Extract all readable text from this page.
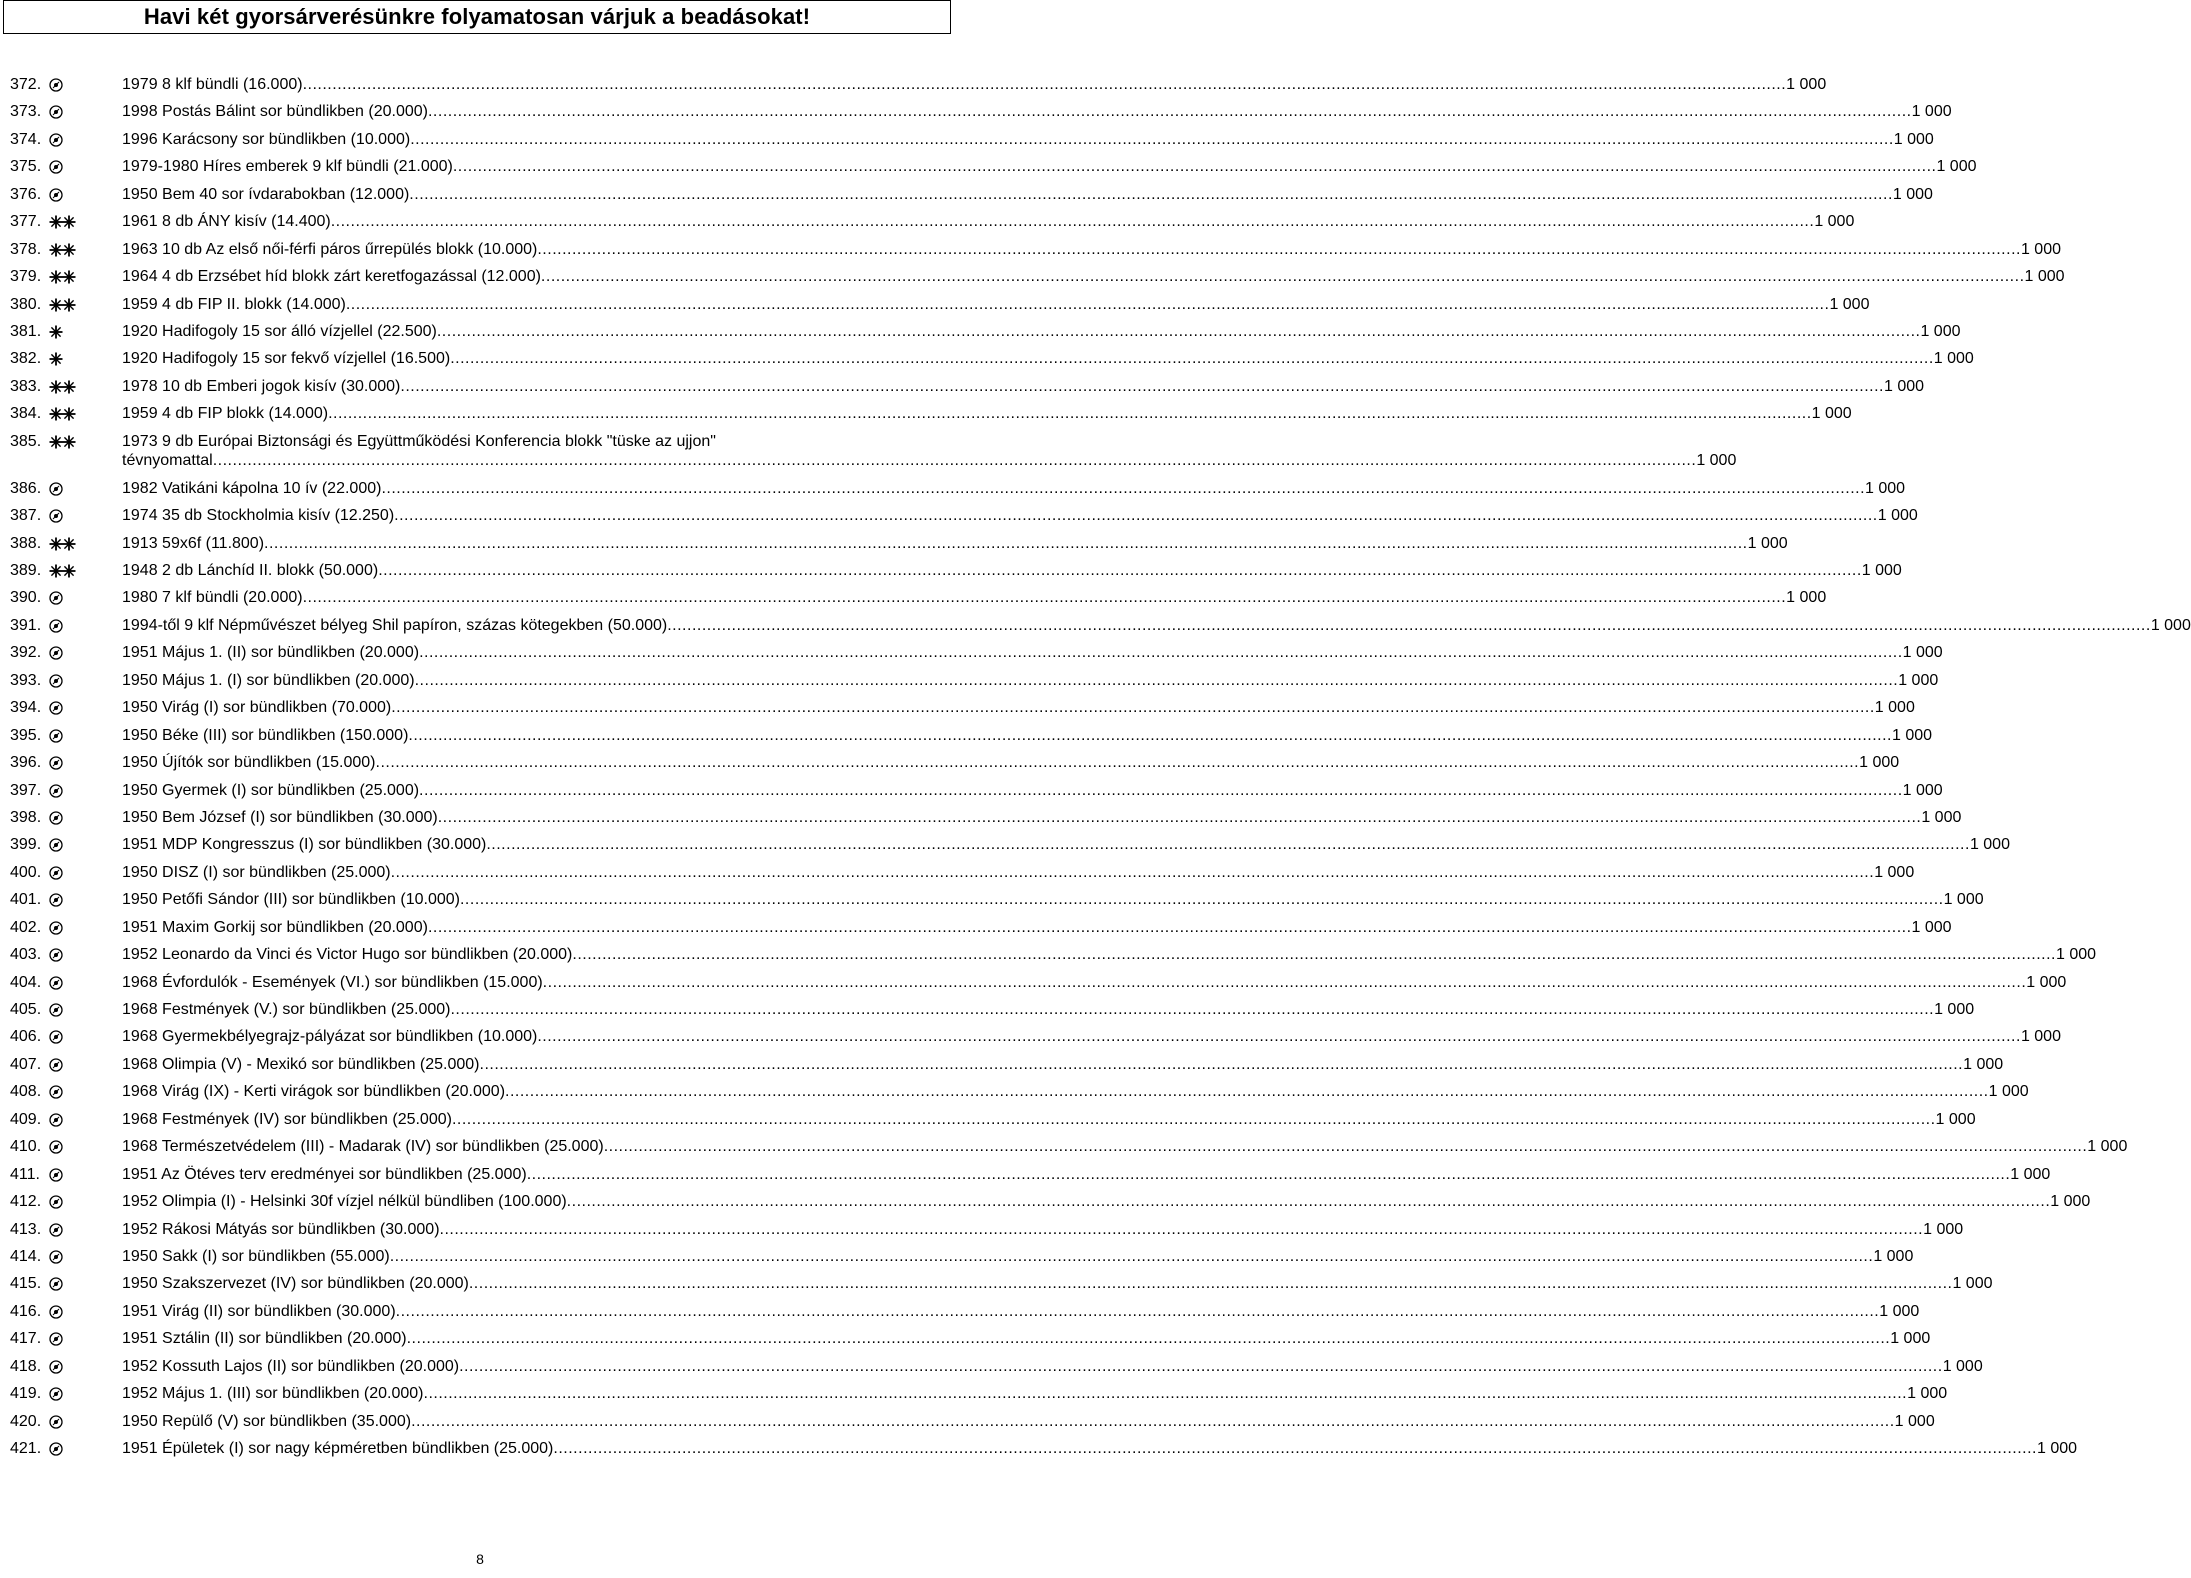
Havi két gyorsárverésünkre folyamatosan várjuk a beadásokat!
372.	1979 8 klf bündli (16.000) ............................................................................................................................................................................................................................................................................................................ 1 000
373.	1998 Postás Bálint sor bündlikben (20.000) ............................................................................................................................................................................................................................................................................................................ 1 000
374.	1996 Karácsony sor bündlikben (10.000) ............................................................................................................................................................................................................................................................................................................ 1 000
375.	1979-1980 Híres emberek 9 klf bündli (21.000) ............................................................................................................................................................................................................................................................................................................ 1 000
376.	1950 Bem 40 sor ívdarabokban (12.000) ............................................................................................................................................................................................................................................................................................................ 1 000
377.	1961 8 db ÁNY kisív (14.400) ............................................................................................................................................................................................................................................................................................................ 1 000
378.	1963 10 db Az első női-férfi páros űrrepülés blokk (10.000) ............................................................................................................................................................................................................................................................................................................ 1 000
379.	1964 4 db Erzsébet híd blokk zárt keretfogazással (12.000) ............................................................................................................................................................................................................................................................................................................ 1 000
380.	1959 4 db FIP II. blokk (14.000) ............................................................................................................................................................................................................................................................................................................ 1 000
381.	1920 Hadifogoly 15 sor álló vízjellel (22.500) ............................................................................................................................................................................................................................................................................................................ 1 000
382.	1920 Hadifogoly 15 sor fekvő vízjellel (16.500) ............................................................................................................................................................................................................................................................................................................ 1 000
383.	1978 10 db Emberi jogok kisív (30.000) ............................................................................................................................................................................................................................................................................................................ 1 000
384.	1959 4 db FIP blokk (14.000) ............................................................................................................................................................................................................................................................................................................ 1 000
385.	1973 9 db Európai Biztonsági és Együttműködési Konferencia blokk "tüske az ujjon"
tévnyomattal ............................................................................................................................................................................................................................................................................................................ 1 000
386.	1982 Vatikáni kápolna 10 ív (22.000) ............................................................................................................................................................................................................................................................................................................ 1 000
387.	1974 35 db Stockholmia kisív (12.250) ............................................................................................................................................................................................................................................................................................................ 1 000
388.	1913 59x6f (11.800) ............................................................................................................................................................................................................................................................................................................ 1 000
389.	1948 2 db Lánchíd II. blokk (50.000) ............................................................................................................................................................................................................................................................................................................ 1 000
390.	1980 7 klf bündli (20.000) ............................................................................................................................................................................................................................................................................................................ 1 000
391.	1994-től 9 klf Népművészet bélyeg Shil papíron, százas kötegekben (50.000) ............................................................................................................................................................................................................................................................................................................ 1 000
392.	1951 Május 1. (II) sor bündlikben (20.000) ............................................................................................................................................................................................................................................................................................................ 1 000
393.	1950 Május 1. (I) sor bündlikben (20.000) ............................................................................................................................................................................................................................................................................................................ 1 000
394.	1950 Virág (I) sor bündlikben (70.000) ............................................................................................................................................................................................................................................................................................................ 1 000
395.	1950 Béke (III) sor bündlikben (150.000) ............................................................................................................................................................................................................................................................................................................ 1 000
396.	1950 Újítók sor bündlikben (15.000) ............................................................................................................................................................................................................................................................................................................ 1 000
397.	1950 Gyermek (I) sor bündlikben (25.000) ............................................................................................................................................................................................................................................................................................................ 1 000
398.	1950 Bem József (I) sor bündlikben (30.000) ............................................................................................................................................................................................................................................................................................................ 1 000
399.	1951 MDP Kongresszus (I) sor bündlikben (30.000) ............................................................................................................................................................................................................................................................................................................ 1 000
400.	1950 DISZ (I) sor bündlikben (25.000) ............................................................................................................................................................................................................................................................................................................ 1 000
401.	1950 Petőfi Sándor (III) sor bündlikben (10.000) ............................................................................................................................................................................................................................................................................................................ 1 000
402.	1951 Maxim Gorkij sor bündlikben (20.000) ............................................................................................................................................................................................................................................................................................................ 1 000
403.	1952 Leonardo da Vinci és Victor Hugo sor bündlikben (20.000) ............................................................................................................................................................................................................................................................................................................ 1 000
404.	1968 Évfordulók - Események (VI.) sor bündlikben (15.000) ............................................................................................................................................................................................................................................................................................................ 1 000
405.	1968 Festmények (V.) sor bündlikben (25.000) ............................................................................................................................................................................................................................................................................................................ 1 000
406.	1968 Gyermekbélyegrajz-pályázat sor bündlikben (10.000) ............................................................................................................................................................................................................................................................................................................ 1 000
407.	1968 Olimpia (V) - Mexikó sor bündlikben (25.000) ............................................................................................................................................................................................................................................................................................................ 1 000
408.	1968 Virág (IX) - Kerti virágok sor bündlikben (20.000) ............................................................................................................................................................................................................................................................................................................ 1 000
409.	1968 Festmények (IV) sor bündlikben (25.000) ............................................................................................................................................................................................................................................................................................................ 1 000
410.	1968 Természetvédelem (III) - Madarak (IV) sor bündlikben (25.000) ............................................................................................................................................................................................................................................................................................................ 1 000
411.	1951 Az Ötéves terv eredményei sor bündlikben (25.000) ............................................................................................................................................................................................................................................................................................................ 1 000
412.	1952 Olimpia (I) - Helsinki 30f vízjel nélkül bündliben (100.000) ............................................................................................................................................................................................................................................................................................................ 1 000
413.	1952 Rákosi Mátyás sor bündlikben (30.000) ............................................................................................................................................................................................................................................................................................................ 1 000
414.	1950 Sakk (I) sor bündlikben (55.000) ............................................................................................................................................................................................................................................................................................................ 1 000
415.	1950 Szakszervezet (IV) sor bündlikben (20.000) ............................................................................................................................................................................................................................................................................................................ 1 000
416.	1951 Virág (II) sor bündlikben (30.000) ............................................................................................................................................................................................................................................................................................................ 1 000
417.	1951 Sztálin (II) sor bündlikben (20.000) ............................................................................................................................................................................................................................................................................................................ 1 000
418.	1952 Kossuth Lajos (II) sor bündlikben (20.000) ............................................................................................................................................................................................................................................................................................................ 1 000
419.	1952 Május 1. (III) sor bündlikben (20.000) ............................................................................................................................................................................................................................................................................................................ 1 000
420.	1950 Repülő (V) sor bündlikben (35.000) ............................................................................................................................................................................................................................................................................................................ 1 000
421.	1951 Épületek (I) sor nagy képméretben bündlikben (25.000) ............................................................................................................................................................................................................................................................................................................ 1 000
8
